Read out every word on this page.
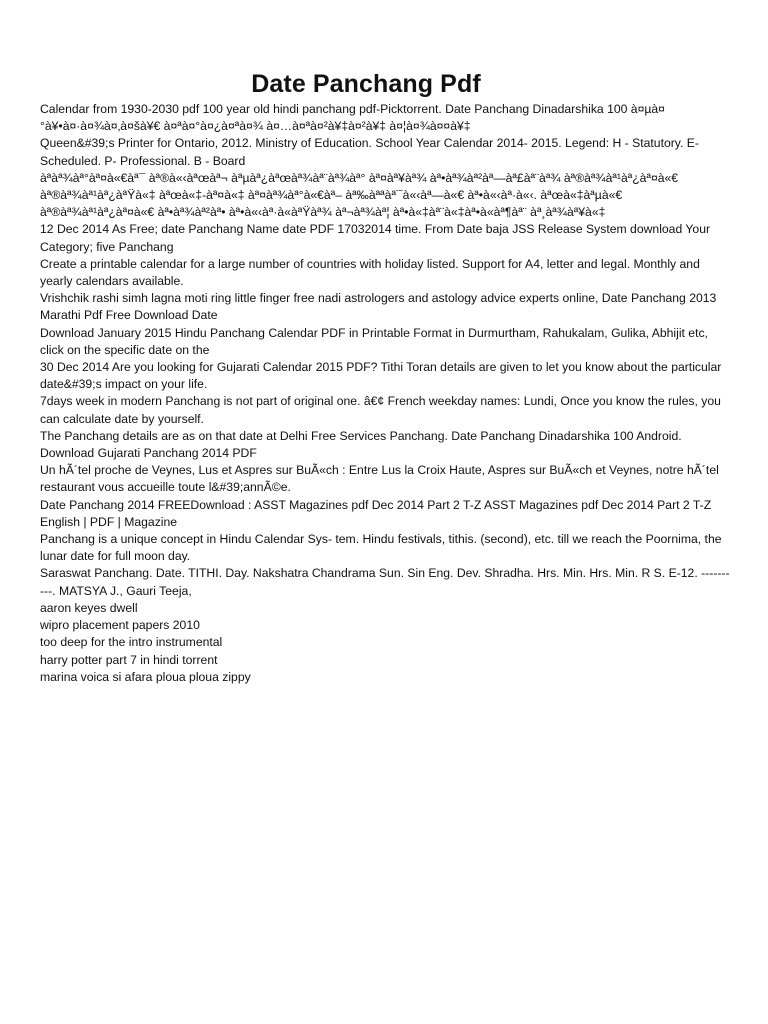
Date Panchang Pdf

Calendar from 1930-2030 pdf 100 year old hindi panchang pdf-Picktorrent. Date Panchang Dinadarshika 100 à¤µà¤°à¥•à¤·à¤¾à¤‚à¤šà¥€ à¤ªà¤°à¤¿à¤ªà¤¾ à¤…à¤ªà¤²à¥‡à¤²à¥‡ à¤¦à¤¾à¤¤à¥‡

Queen&#39;s Printer for Ontario, 2012. Ministry of Education. School Year Calendar 2014- 2015. Legend: H - Statutory. E- Scheduled. P- Professional. B - Board

àªàª¾àª°àª¤à«€àª¯ àª®à«‹àªœàª¬ àªµàª¿àªœàª¾àª¨àª¾àª° àª¤àª¥àª¾ àª•àª¾àª²àª—àª£àª¨àª¾ àª®àª¾àª¹àª¿àª¤à«€ àª®àª¾àª¹àª¿àªŸà«‡ àªœà«‡-àª¤à«‡ àª¤àª¾àª°à«€àª– àª‰àªªàª¯à«‹àª—à«€ àª•à«‹àª·à«‹. àªœà«‡àªµà«€ àª®àª¾àª¹àª¿àª¤à«€ àª•àª¾àª²àª• àª•à«‹àª·à«àªŸàª¾ àª¬àª¾àª¦ àª•à«‡àª¨à«‡àª•à«àª¶àª¨ àª¸àª¾àª¥à«‡

12 Dec 2014 As Free; date Panchang Name date PDF 17032014 time. From Date baja JSS Release System download Your Category; five Panchang

Create a printable calendar for a large number of countries with holiday listed. Support for A4, letter and legal. Monthly and yearly calendars available.

Vrishchik rashi simh lagna moti ring little finger free nadi astrologers and astology advice experts online, Date Panchang 2013 Marathi Pdf Free Download Date

Download January 2015 Hindu Panchang Calendar PDF in Printable Format in Durmurtham, Rahukalam, Gulika, Abhijit etc, click on the specific date on the

30 Dec 2014 Are you looking for Gujarati Calendar 2015 PDF? Tithi Toran details are given to let you know about the particular date&#39;s impact on your life.

7days week in modern Panchang is not part of original one. â€¢ French weekday names: Lundi, Once you know the rules, you can calculate date by yourself.

The Panchang details are as on that date at Delhi Free Services Panchang. Date Panchang Dinadarshika 100 Android. Download Gujarati Panchang 2014 PDF

Un hÃ´tel proche de Veynes, Lus et Aspres sur BuÃ«ch : Entre Lus la Croix Haute, Aspres sur BuÃ«ch et Veynes, notre hÃ´tel restaurant vous accueille toute l&#39;annÃ©e.

Date Panchang 2014 FREEDownload : ASST Magazines pdf Dec 2014 Part 2 T-Z ASST Magazines pdf Dec 2014 Part 2 T-Z English | PDF | Magazine

Panchang is a unique concept in Hindu Calendar Sys- tem. Hindu festivals, tithis. (second), etc. till we reach the Poornima, the lunar date for full moon day.

Saraswat Panchang. Date. TITHI. Day. Nakshatra Chandrama Sun. Sin Eng. Dev. Shradha. Hrs. Min. Hrs. Min. R S. E-12. ----------. MATSYA J., Gauri Teeja,

aaron keyes dwell

wipro placement papers 2010

too deep for the intro instrumental

harry potter part 7 in hindi torrent

marina voica si afara ploua ploua zippy
